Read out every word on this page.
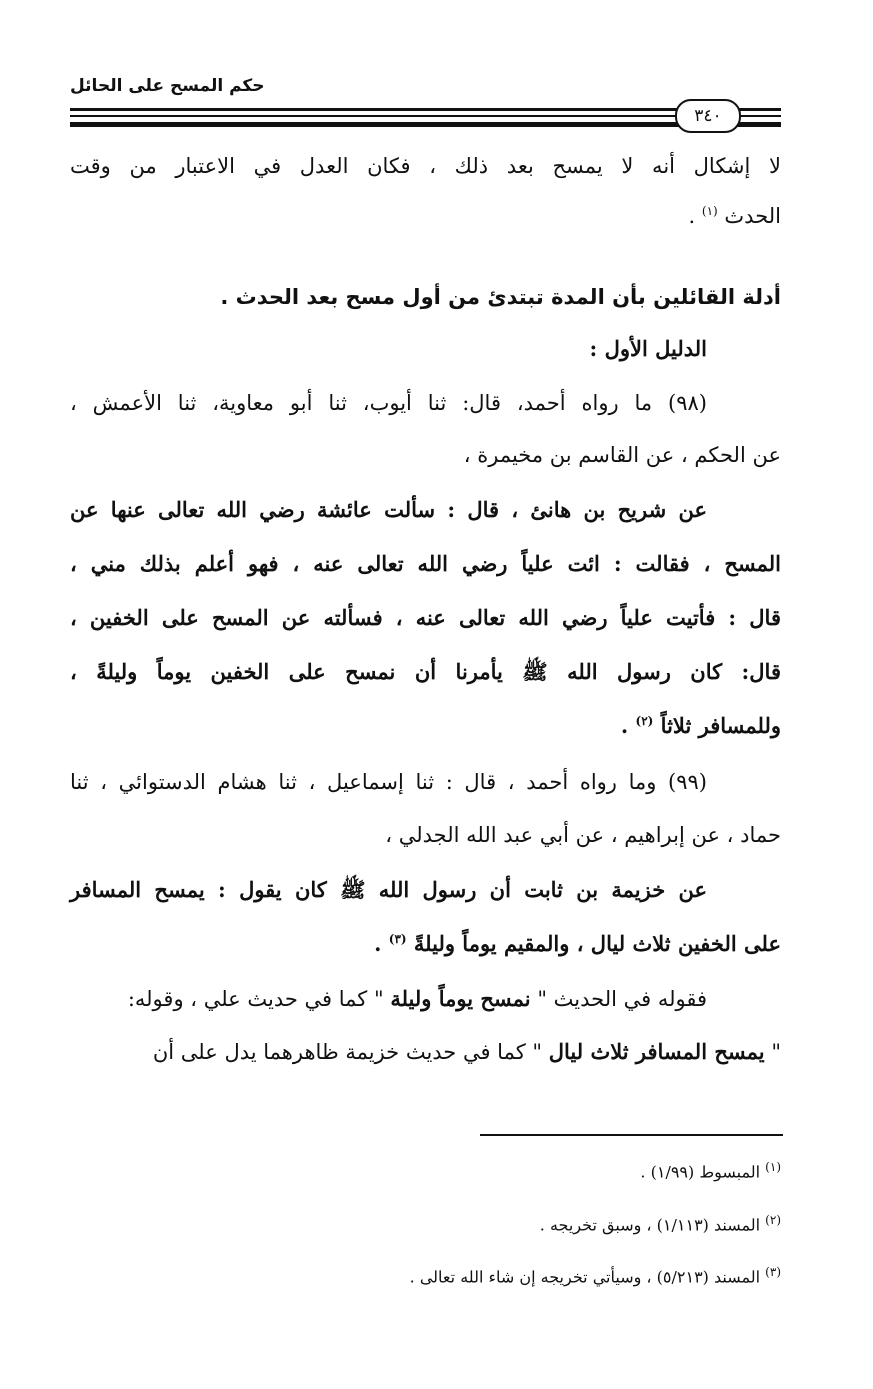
حكم المسح على الحائل
٣٤٠
لا إشكال أنه لا يمسح بعد ذلك ، فكان العدل في الاعتبار من وقت
الحدث $^{(١)}$ .
أدلة القائلين بأن المدة تبتدئ من أول مسح بعد الحدث .
الدليل الأول :
(٩٨) ما رواه أحمد، قال: ثنا أيوب، ثنا أبو معاوية، ثنا الأعمش ،
عن الحكم ، عن القاسم بن مخيمرة ،
عن شريح بن هانئ ، قال : سألت عائشة رضي الله تعالى عنها عن
المسح ، فقالت : ائت علياً رضي الله تعالى عنه ، فهو أعلم بذلك مني ،
قال : فأتيت علياً رضي الله تعالى عنه ، فسألته عن المسح على الخفين ،
قال: كان رسول الله ﷺ يأمرنا أن نمسح على الخفين يوماً وليلةً ،
وللمسافر ثلاثاً $^{(٢)}$ .
(٩٩) وما رواه أحمد ، قال : ثنا إسماعيل ، ثنا هشام الدستوائي ، ثنا
حماد ، عن إبراهيم ، عن أبي عبد الله الجدلي ،
عن خزيمة بن ثابت أن رسول الله ﷺ كان يقول : يمسح المسافر
على الخفين ثلاث ليال ، والمقيم يوماً وليلةً $^{(٣)}$ .
فقوله في الحديث " نمسح يوماً وليلة " كما في حديث علي ، وقوله:
" يمسح المسافر ثلاث ليال " كما في حديث خزيمة ظاهرهما يدل على أن
$^{(١)}$ المبسوط (١/٩٩) .
$^{(٢)}$ المسند (١/١١٣) ، وسبق تخريجه .
$^{(٣)}$ المسند (٥/٢١٣) ، وسيأتي تخريجه إن شاء الله تعالى .
